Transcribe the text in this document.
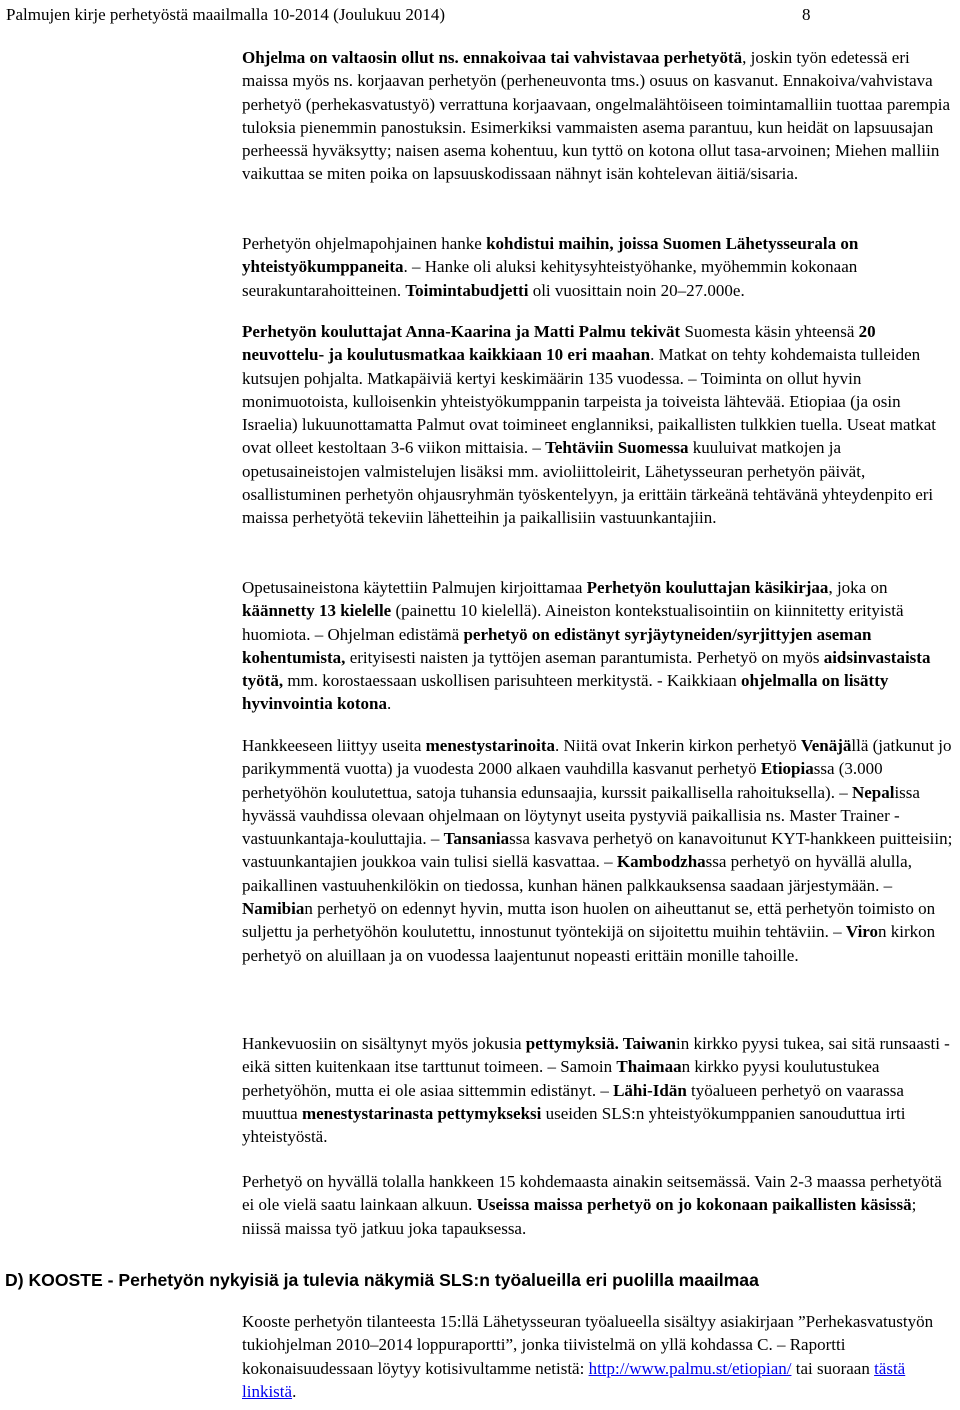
Palmujen kirje perhetyöstä maailmalla 10-2014 (Joulukuu 2014)	8

Ohjelma on valtaosin ollut ns. ennakoivaa tai vahvistavaa perhetyötä, joskin työn edetessä eri maissa myös ns. korjaavan perhetyön (perheneuvonta tms.) osuus on kasvanut. Ennakoiva/vahvistava perhetyö (perhekasvatustyö) verrattuna korjaavaan, ongelmalähtöiseen toimintamalliin tuottaa parempia tuloksia pienemmin panostuksin. Esimerkiksi vammaisten asema parantuu, kun heidät on lapsuusajan perheessä hyväksytty; naisen asema kohentuu, kun tyttö on kotona ollut tasa-arvoinen; Miehen malliin vaikuttaa se miten poika on lapsuuskodissaan nähnyt isän kohtelevan äitiä/sisaria.

Perhetyön ohjelmapohjainen hanke kohdistui maihin, joissa Suomen Lähetysseurala on yhteistyökumppaneita. – Hanke oli aluksi kehitysyhteistyöhanke, myöhemmin kokonaan seurakuntarahoitteinen. Toimintabudjetti oli vuosittain noin 20–27.000e.

Perhetyön kouluttajat Anna-Kaarina ja Matti Palmu tekivät Suomesta käsin yhteensä 20 neuvottelu- ja koulutusmatkaa kaikkiaan 10 eri maahan. Matkat on tehty kohdemaista tulleiden kutsujen pohjalta. Matkapäiviä kertyi keskimäärin 135 vuodessa. – Toiminta on ollut hyvin monimuotoista, kulloisenkin yhteistyökumppanin tarpeista ja toiveista lähtevää. Etiopiaa (ja osin Israelia) lukuunottamatta Palmut ovat toimineet englanniksi, paikallisten tulkkien tuella. Useat matkat ovat olleet kestoltaan 3-6 viikon mittaisia. – Tehtäviin Suomessa kuuluivat matkojen ja opetusaineistojen valmistelujen lisäksi mm. avioliittoleirit, Lähetysseuran perhetyön päivät, osallistuminen perhetyön ohjausryhmän työskentelyyn, ja erittäin tärkeänä tehtävänä yhteydenpito eri maissa perhetyötä tekeviin lähetteihin ja paikallisiin vastuunkantajiin.

Opetusaineistona käytettiin Palmujen kirjoittamaa Perhetyön kouluttajan käsikirjaa, joka on käännetty 13 kielelle (painettu 10 kielellä). Aineiston kontekstualisointiin on kiinnitetty erityistä huomiota. – Ohjelman edistämä perhetyö on edistänyt syrjäytyneiden/syrjittyjen aseman kohentumista, erityisesti naisten ja tyttöjen aseman parantumista. Perhetyö on myös aidsinvastaista työtä, mm. korostaessaan uskollisen parisuhteen merkitystä. - Kaikkiaan ohjelmalla on lisätty hyvinvointia kotona.

Hankkeeseen liittyy useita menestystarinoita. Niitä ovat Inkerin kirkon perhetyö Venäjällä (jatkunut jo parikymmentä vuotta) ja vuodesta 2000 alkaen vauhdilla kasvanut perhetyö Etiopiassa (3.000 perhetyöhön koulutettua, satoja tuhansia edunsaajia, kurssit paikallisella rahoituksella). – Nepalissa hyvässä vauhdissa olevaan ohjelmaan on löytynyt useita pystyviä paikallisia ns. Master Trainer -vastuunkantaja-kouluttajia. – Tansaniassa kasvava perhetyö on kanavoitunut KYT-hankkeen puitteisiin; vastuunkantajien joukkoa vain tulisi siellä kasvattaa. – Kambodzhassa perhetyö on hyvällä alulla, paikallinen vastuuhenkilökin on tiedossa, kunhan hänen palkkauksensa saadaan järjestymään. – Namibian perhetyö on edennyt hyvin, mutta ison huolen on aiheuttanut se, että perhetyön toimisto on suljettu ja perhetyöhön koulutettu, innostunut työntekijä on sijoitettu muihin tehtäviin. – Viron kirkon perhetyö on aluillaan ja on vuodessa laajentunut nopeasti erittäin monille tahoille.

Hankevuosiin on sisältynyt myös jokusia pettymyksiä. Taiwanin kirkko pyysi tukea, sai sitä runsaasti - eikä sitten kuitenkaan itse tarttunut toimeen. – Samoin Thaimaan kirkko pyysi koulutustukea perhetyöhön, mutta ei ole asiaa sittemmin edistänyt. – Lähi-Idän työalueen perhetyö on vaarassa muuttua menestystarinasta pettymykseksi useiden SLS:n yhteistyökumppanien sanouduttua irti yhteistyöstä.

Perhetyö on hyvällä tolalla hankkeen 15 kohdemaasta ainakin seitsemässä. Vain 2-3 maassa perhetyötä ei ole vielä saatu lainkaan alkuun. Useissa maissa perhetyö on jo kokonaan paikallisten käsissä; niissä maissa työ jatkuu joka tapauksessa.

D) KOOSTE - Perhetyön nykyisiä ja tulevia näkymiä SLS:n työalueilla eri puolilla maailmaa

Kooste perhetyön tilanteesta 15:llä Lähetysseuran työalueella sisältyy asiakirjaan ”Perhekasvatustyön tukiohjelman 2010–2014 loppuraportti”, jonka tiivistelmä on yllä kohdassa C. – Raportti kokonaisuudessaan löytyy kotisivultamme netistä: http://www.palmu.st/etiopian/ tai suoraan tästä linkistä.
